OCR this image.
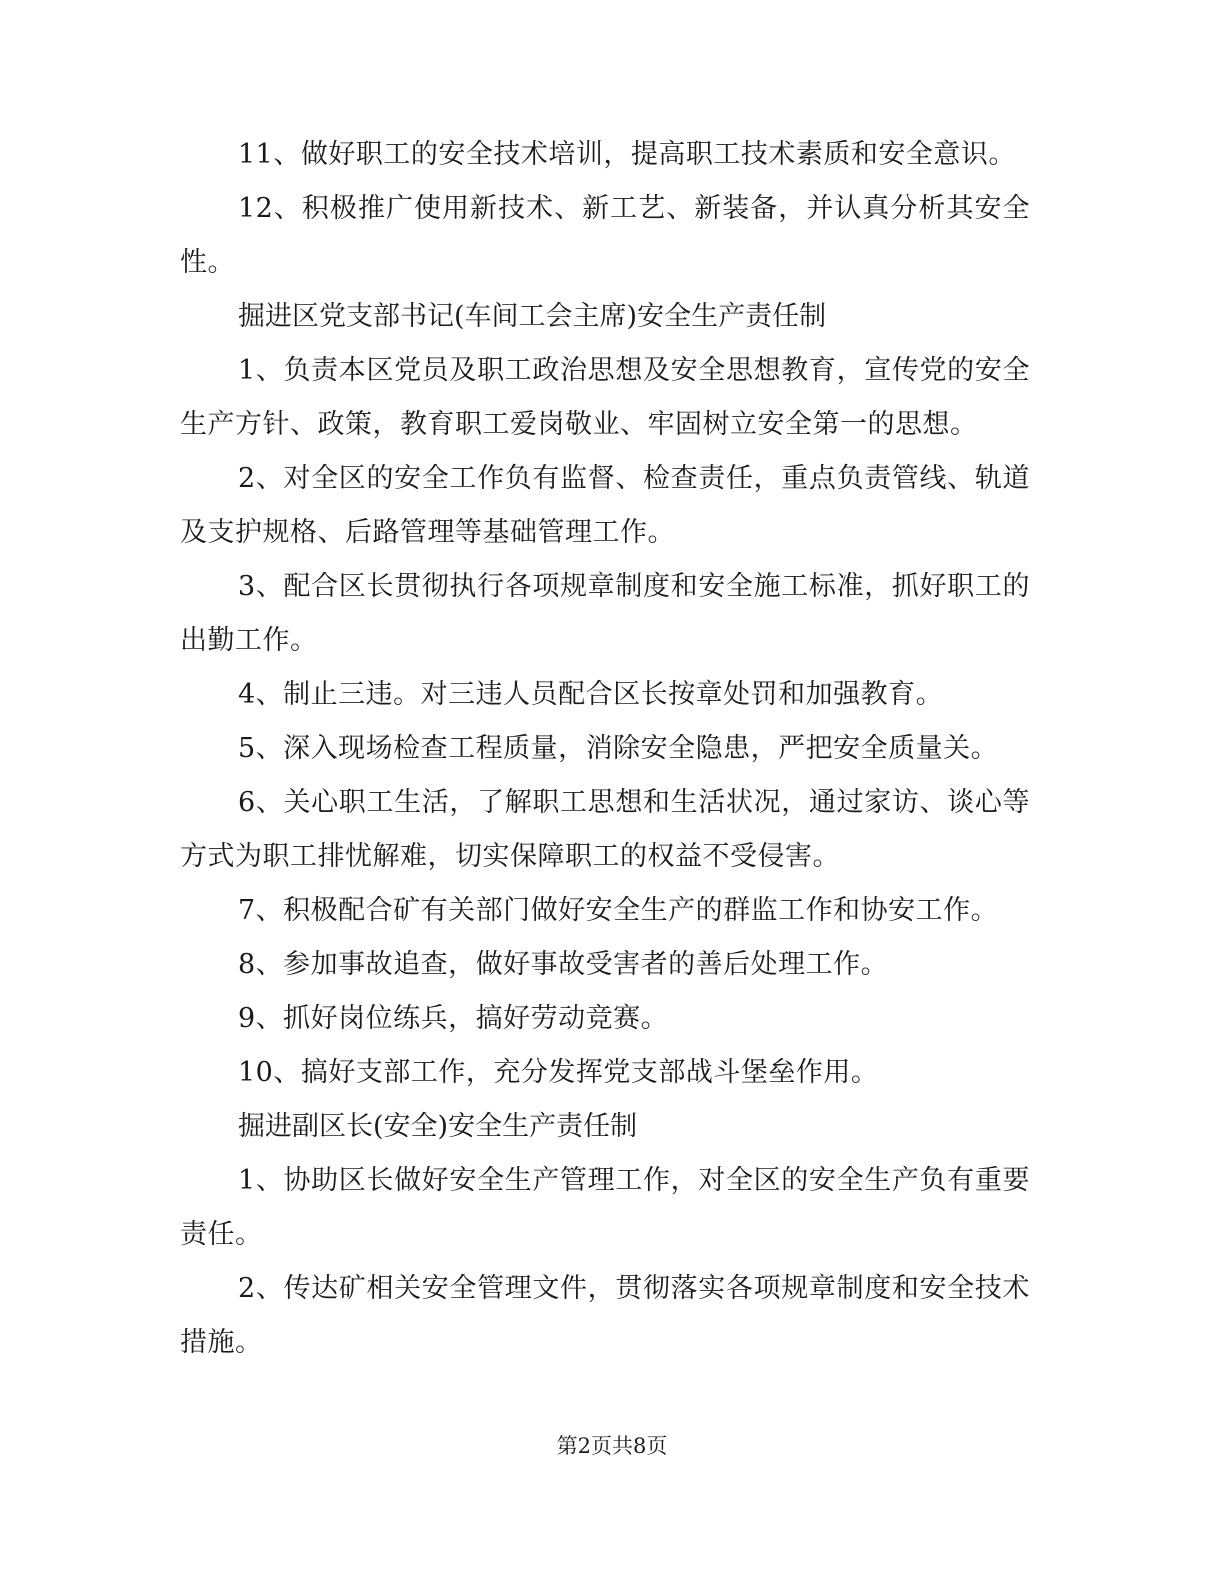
11、做好职工的安全技术培训，提高职工技术素质和安全意识。

12、积极推广使用新技术、新工艺、新装备，并认真分析其安全性。

掘进区党支部书记(车间工会主席)安全生产责任制

1、负责本区党员及职工政治思想及安全思想教育，宣传党的安全生产方针、政策，教育职工爱岗敬业、牢固树立安全第一的思想。

2、对全区的安全工作负有监督、检查责任，重点负责管线、轨道及支护规格、后路管理等基础管理工作。

3、配合区长贯彻执行各项规章制度和安全施工标准，抓好职工的出勤工作。

4、制止三违。对三违人员配合区长按章处罚和加强教育。

5、深入现场检查工程质量，消除安全隐患，严把安全质量关。

6、关心职工生活，了解职工思想和生活状况，通过家访、谈心等方式为职工排忧解难，切实保障职工的权益不受侵害。

7、积极配合矿有关部门做好安全生产的群监工作和协安工作。

8、参加事故追查，做好事故受害者的善后处理工作。

9、抓好岗位练兵，搞好劳动竞赛。

10、搞好支部工作，充分发挥党支部战斗堡垒作用。

掘进副区长(安全)安全生产责任制

1、协助区长做好安全生产管理工作，对全区的安全生产负有重要责任。

2、传达矿相关安全管理文件，贯彻落实各项规章制度和安全技术措施。

第2页共8页
